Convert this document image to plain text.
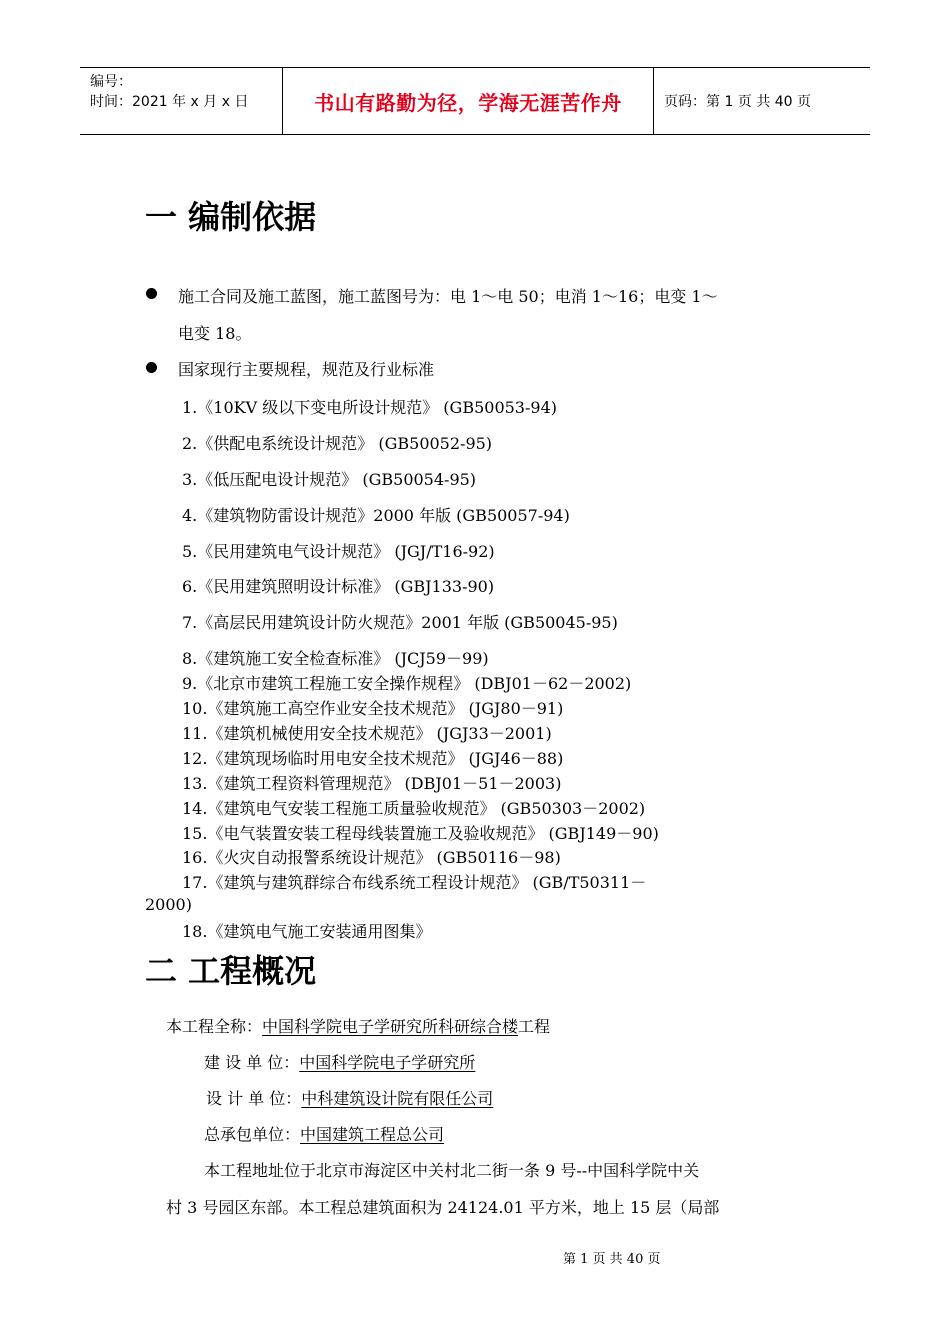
编号：
时间：2021 年 x 月 x 日	书山有路勤为径，学海无涯苦作舟	页码：第 1 页 共 40 页
一 编制依据
施工合同及施工蓝图，施工蓝图号为：电 1～电 50；电消 1～16；电变 1～
电变 18。
国家现行主要规程，规范及行业标准
1.《10KV 级以下变电所设计规范》 (GB50053-94)
2.《供配电系统设计规范》 (GB50052-95)
3.《低压配电设计规范》 (GB50054-95)
4.《建筑物防雷设计规范》2000 年版 (GB50057-94)
5.《民用建筑电气设计规范》 (JGJ/T16-92)
6.《民用建筑照明设计标准》 (GBJ133-90)
7.《高层民用建筑设计防火规范》2001 年版 (GB50045-95)
8.《建筑施工安全检查标准》 (JCJ59－99)
9.《北京市建筑工程施工安全操作规程》 (DBJ01－62－2002)
10.《建筑施工高空作业安全技术规范》 (JGJ80－91)
11.《建筑机械使用安全技术规范》 (JGJ33－2001)
12.《建筑现场临时用电安全技术规范》 (JGJ46－88)
13.《建筑工程资料管理规范》 (DBJ01－51－2003)
14.《建筑电气安装工程施工质量验收规范》 (GB50303－2002)
15.《电气装置安装工程母线装置施工及验收规范》 (GBJ149－90)
16.《火灾自动报警系统设计规范》 (GB50116－98)
17.《建筑与建筑群综合布线系统工程设计规范》 (GB/T50311－
2000)
18.《建筑电气施工安装通用图集》
二 工程概况
本工程全称：中国科学院电子学研究所科研综合楼工程
建 设 单 位：中国科学院电子学研究所
设 计 单 位：中科建筑设计院有限任公司
总承包单位：中国建筑工程总公司
本工程地址位于北京市海淀区中关村北二街一条 9 号--中国科学院中关
村 3 号园区东部。本工程总建筑面积为 24124.01 平方米，地上 15 层（局部
第 1 页 共 40 页
